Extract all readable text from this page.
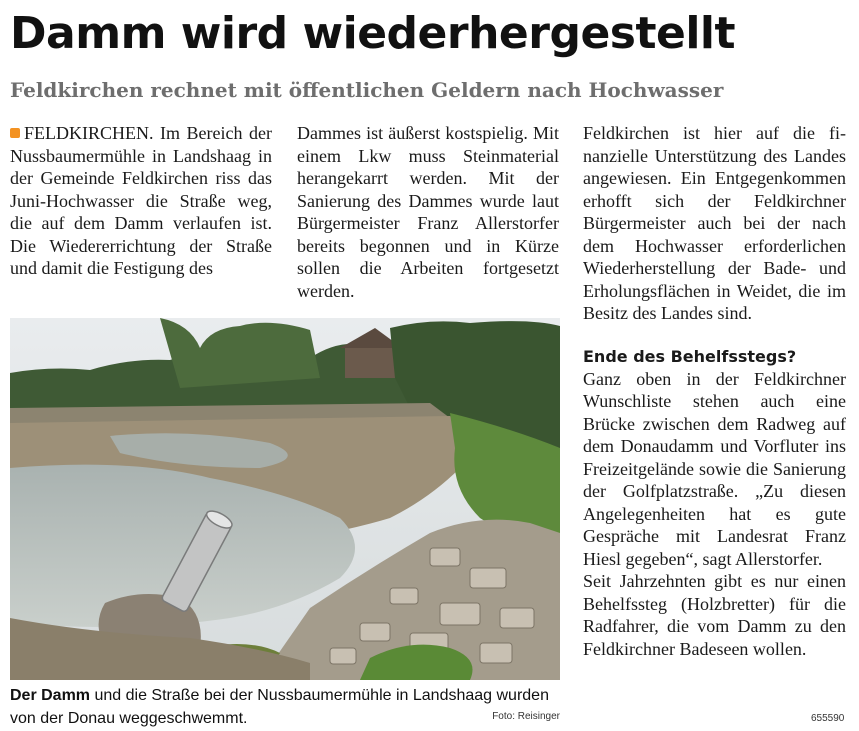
Damm wird wiederhergestellt
Feldkirchen rechnet mit öffentlichen Geldern nach Hochwasser

FELDKIRCHEN. Im Bereich der Nussbaumermühle in Landshaag in der Gemeinde Feldkirchen riss das Juni-Hochwasser die Straße weg, die auf dem Damm verlaufen ist. Die Wiedererrichtung der Straße und damit die Festigung des

Dammes ist äußerst kostspielig. Mit einem Lkw muss Steinmaterial herangekarrt werden. Mit der Sanierung des Dammes wurde laut Bürgermeister Franz Allerstorfer bereits begonnen und in Kürze sollen die Arbeiten fortgesetzt werden.

Feldkirchen ist hier auf die finanzielle Unterstützung des Landes angewiesen. Ein Entgegenkommen erhofft sich der Feldkirchner Bürgermeister auch bei der nach dem Hochwasser erforderlichen Wiederherstellung der Bade- und Erholungsflächen in Weidet, die im Besitz des Landes sind.

Ende des Behelfsstegs?

Ganz oben in der Feldkirchner Wunschliste stehen auch eine Brücke zwischen dem Radweg auf dem Donaudamm und Vorfluter ins Freizeitgelände sowie die Sanierung der Golfplatzstraße. „Zu diesen Angelegenheiten hat es gute Gespräche mit Landesrat Franz Hiesl gegeben“, sagt Allerstorfer.

Seit Jahrzehnten gibt es nur einen Behelfssteg (Holzbretter) für die Radfahrer, die vom Damm zu den Feldkirchner Badeseen wollen.

Der Damm und die Straße bei der Nussbaumermühle in Landshaag wurden von der Donau weggeschwemmt.	Foto: Reisinger	655590
